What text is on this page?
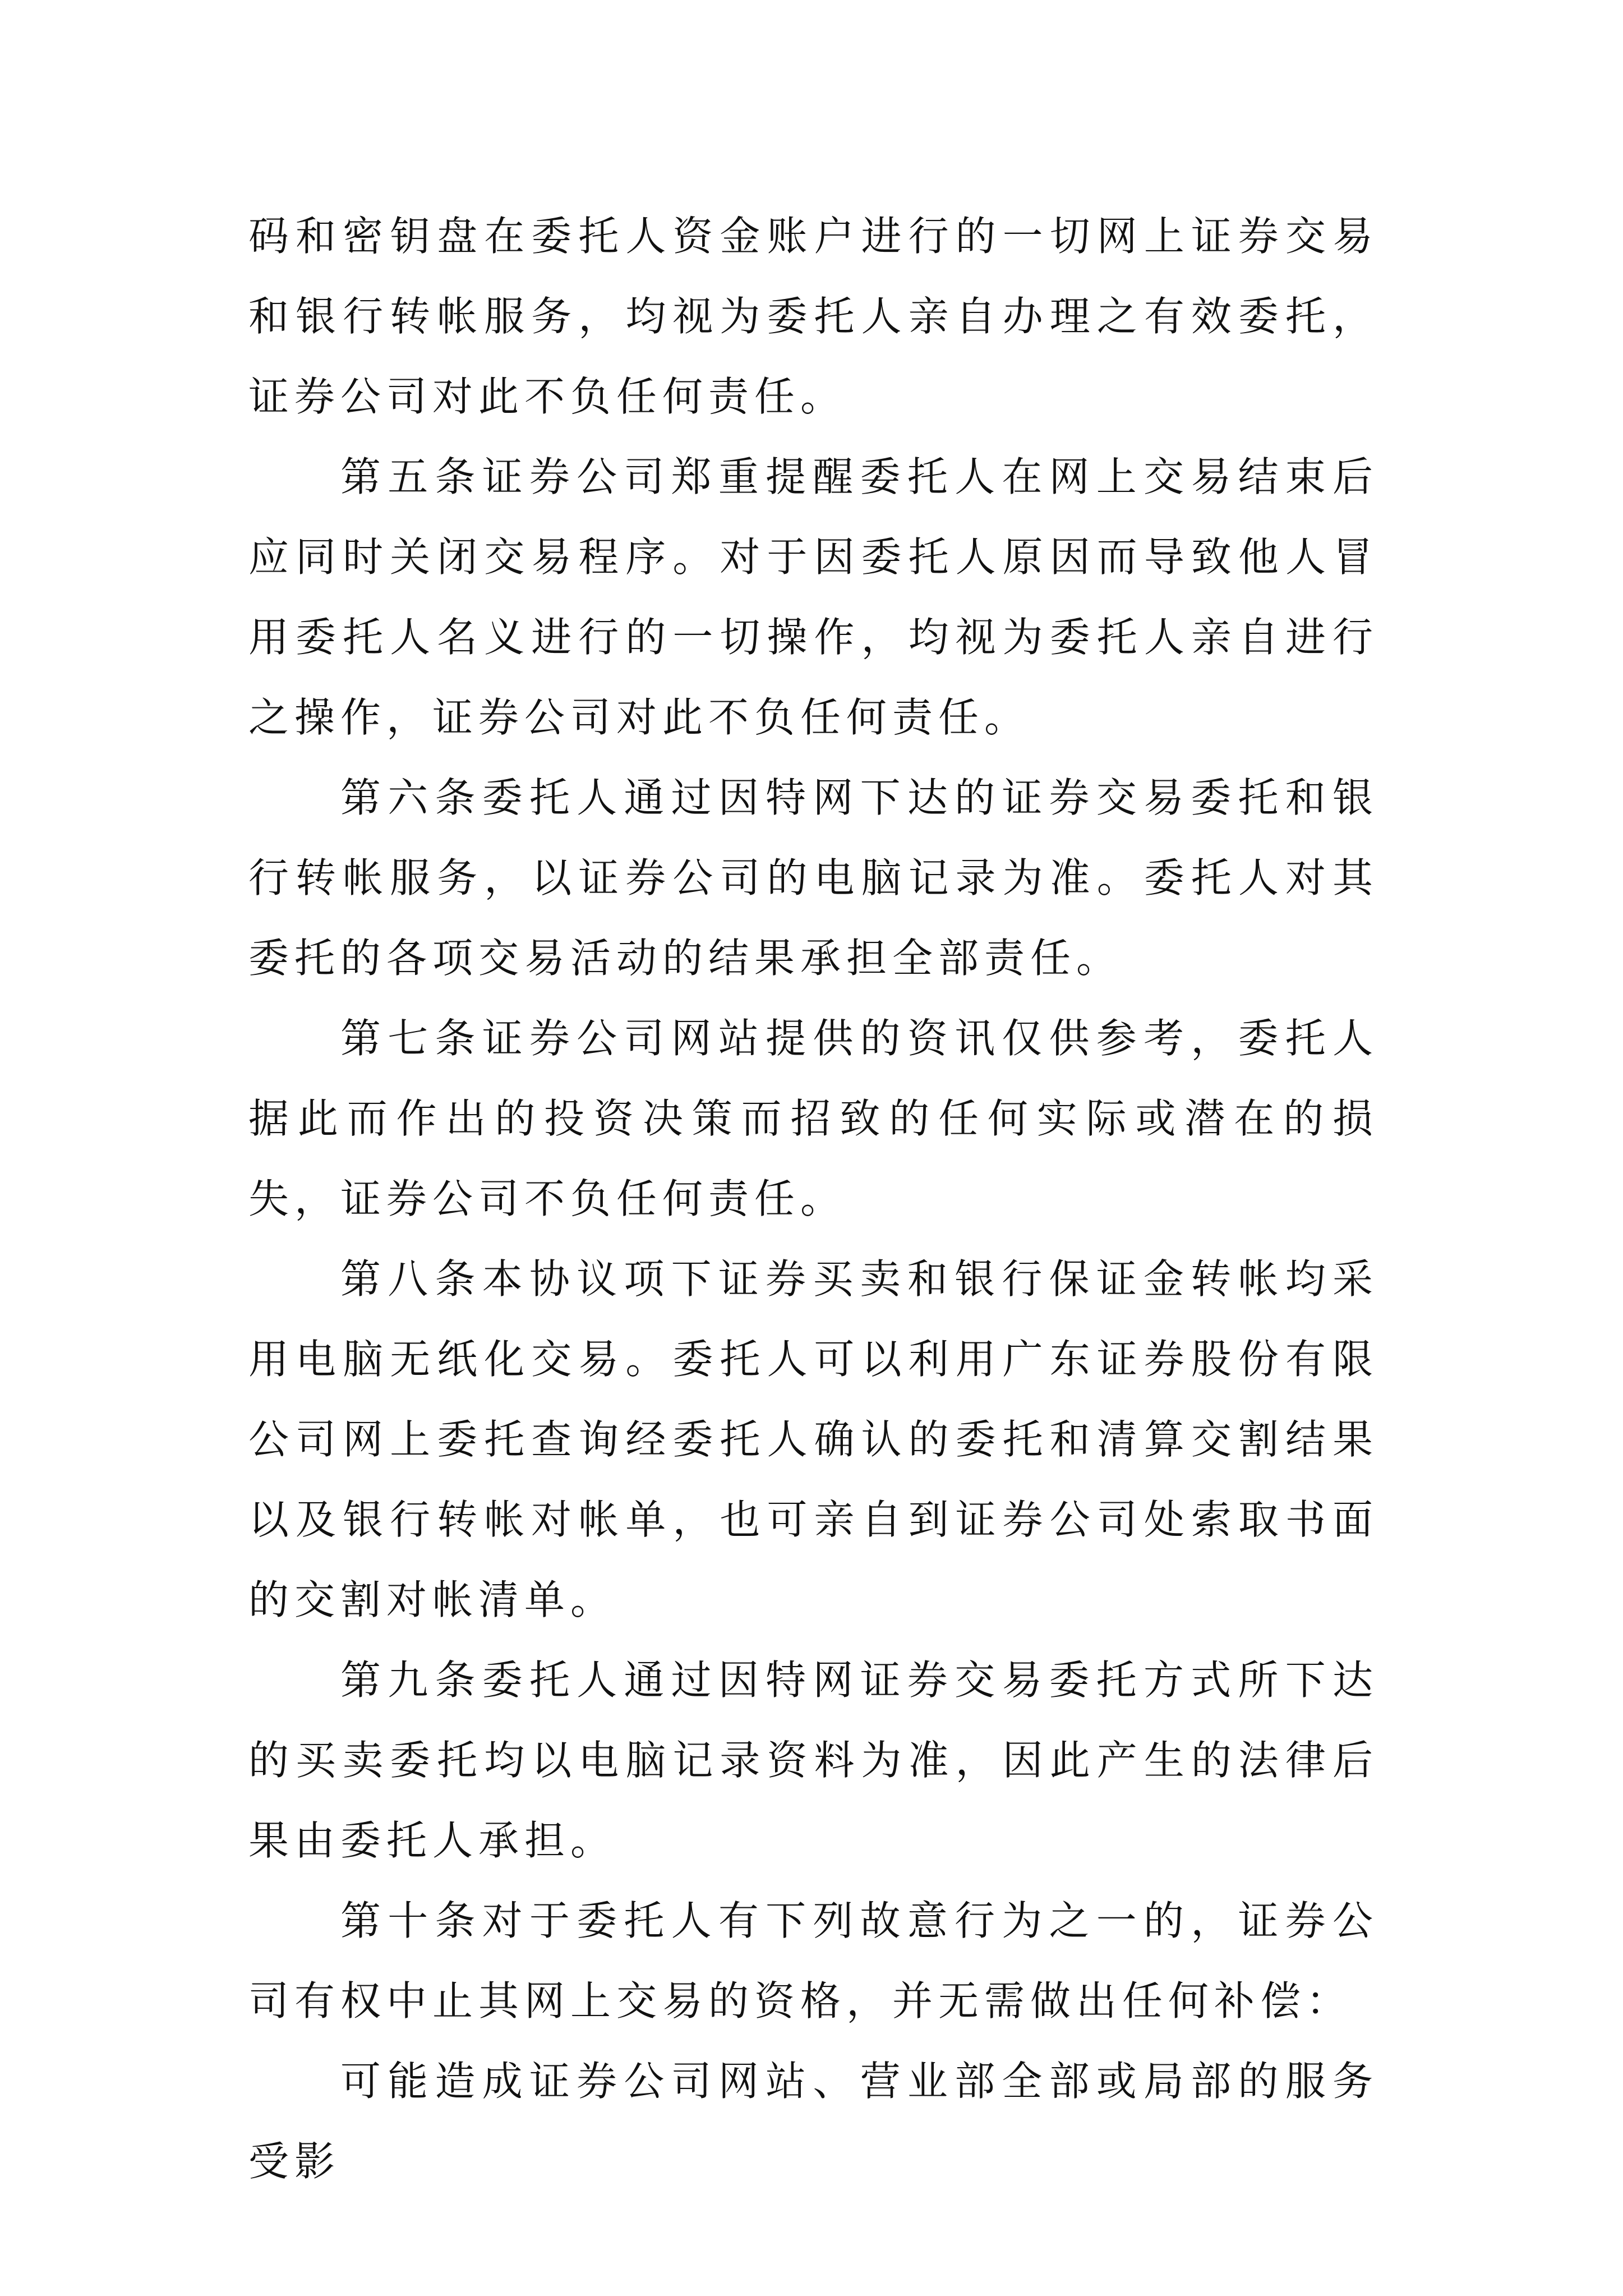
码和密钥盘在委托人资金账户进行的一切网上证券交易和银行转帐服务，均视为委托人亲自办理之有效委托，证券公司对此不负任何责任。

第五条证券公司郑重提醒委托人在网上交易结束后应同时关闭交易程序。对于因委托人原因而导致他人冒用委托人名义进行的一切操作，均视为委托人亲自进行之操作，证券公司对此不负任何责任。

第六条委托人通过因特网下达的证券交易委托和银行转帐服务，以证券公司的电脑记录为准。委托人对其委托的各项交易活动的结果承担全部责任。

第七条证券公司网站提供的资讯仅供参考，委托人据此而作出的投资决策而招致的任何实际或潜在的损失，证券公司不负任何责任。

第八条本协议项下证券买卖和银行保证金转帐均采用电脑无纸化交易。委托人可以利用广东证券股份有限公司网上委托查询经委托人确认的委托和清算交割结果以及银行转帐对帐单，也可亲自到证券公司处索取书面的交割对帐清单。

第九条委托人通过因特网证券交易委托方式所下达的买卖委托均以电脑记录资料为准，因此产生的法律后果由委托人承担。

第十条对于委托人有下列故意行为之一的，证券公司有权中止其网上交易的资格，并无需做出任何补偿：

可能造成证券公司网站、营业部全部或局部的服务受影
